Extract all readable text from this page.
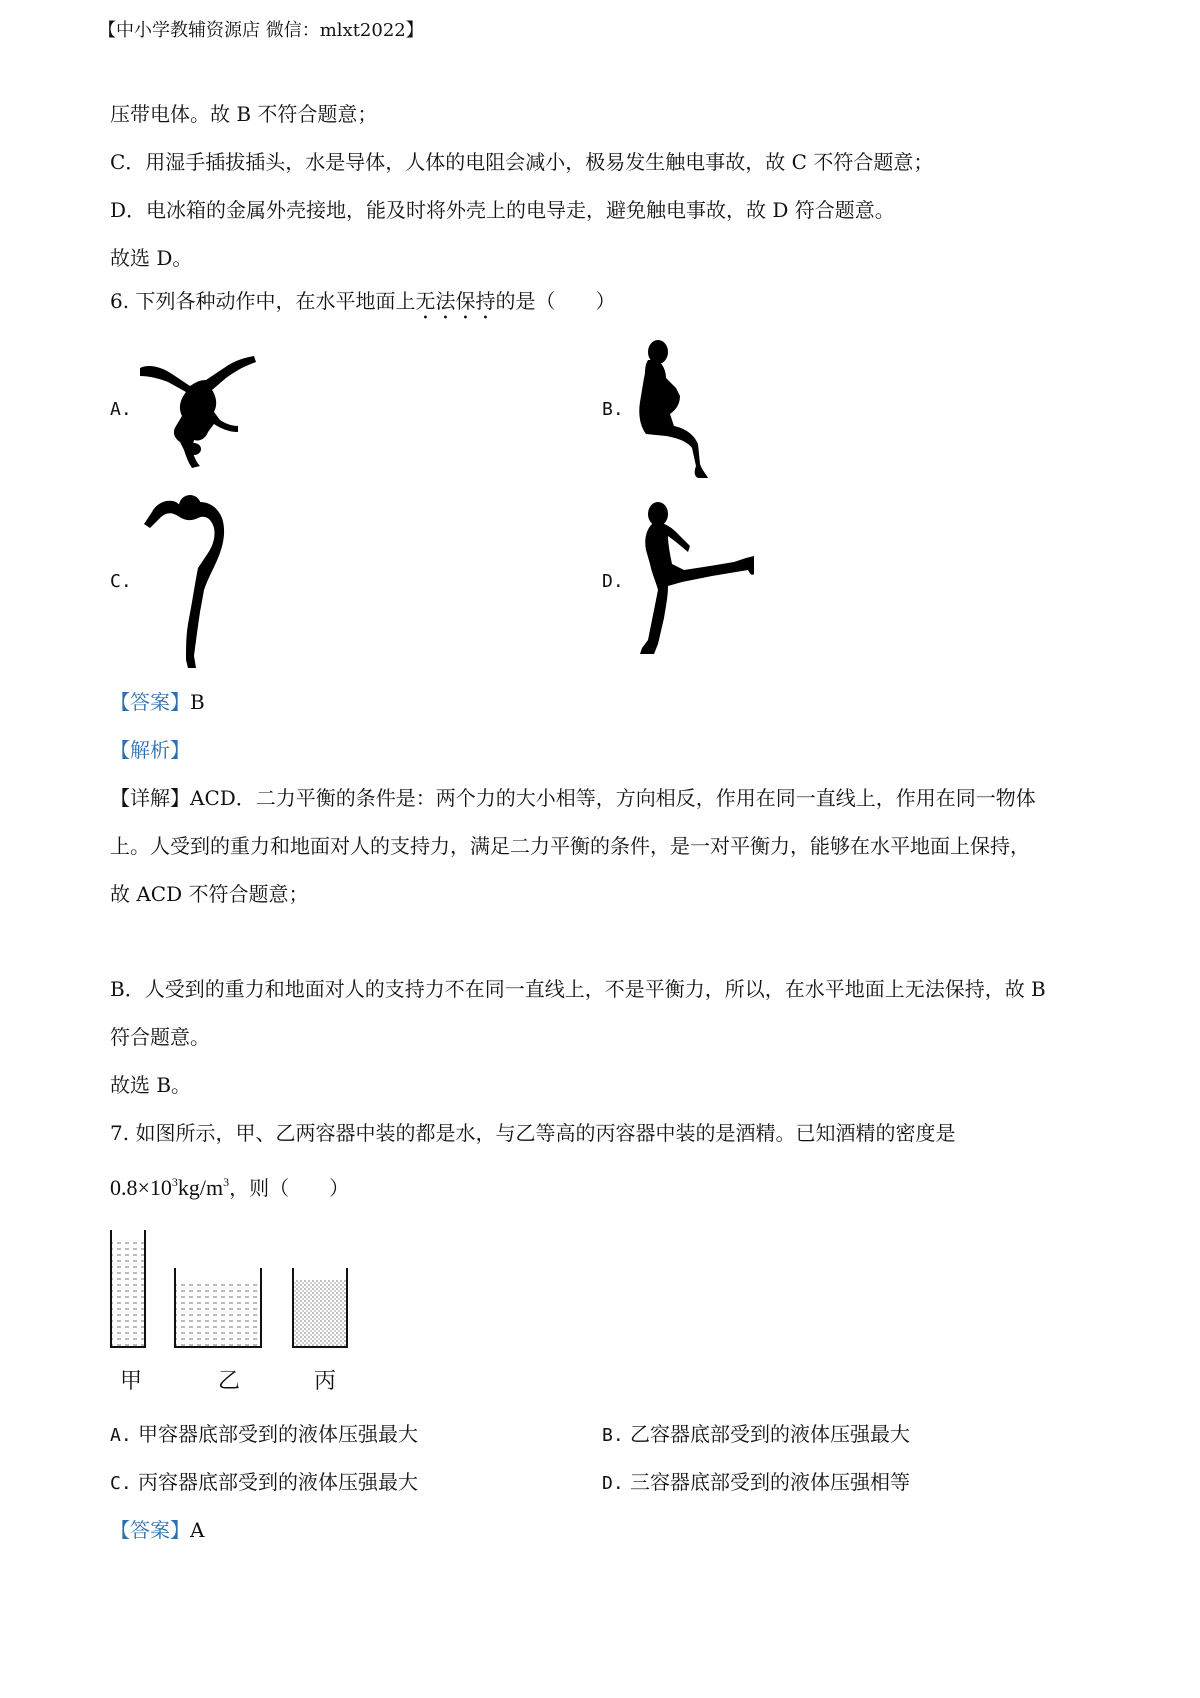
【中小学教辅资源店 微信：mlxt2022】
压带电体。故 B 不符合题意；
C．用湿手插拔插头，水是导体，人体的电阻会减小，极易发生触电事故，故 C 不符合题意；
D．电冰箱的金属外壳接地，能及时将外壳上的电导走，避免触电事故，故 D 符合题意。
故选 D。
6. 下列各种动作中，在水平地面上无法保持的是（　　）
A.	B.
C.	D.
【答案】B
【解析】
【详解】ACD．二力平衡的条件是：两个力的大小相等，方向相反，作用在同一直线上，作用在同一物体
上。人受到的重力和地面对人的支持力，满足二力平衡的条件，是一对平衡力，能够在水平地面上保持，
故 ACD 不符合题意；
B．人受到的重力和地面对人的支持力不在同一直线上，不是平衡力，所以，在水平地面上无法保持，故 B
符合题意。
故选 B。
7. 如图所示，甲、乙两容器中装的都是水，与乙等高的丙容器中装的是酒精。已知酒精的密度是
$0.8\times 10^3kg/m^3$，则（　　）
甲	乙	丙
A. 甲容器底部受到的液体压强最大	B. 乙容器底部受到的液体压强最大
C. 丙容器底部受到的液体压强最大	D. 三容器底部受到的液体压强相等
【答案】A
